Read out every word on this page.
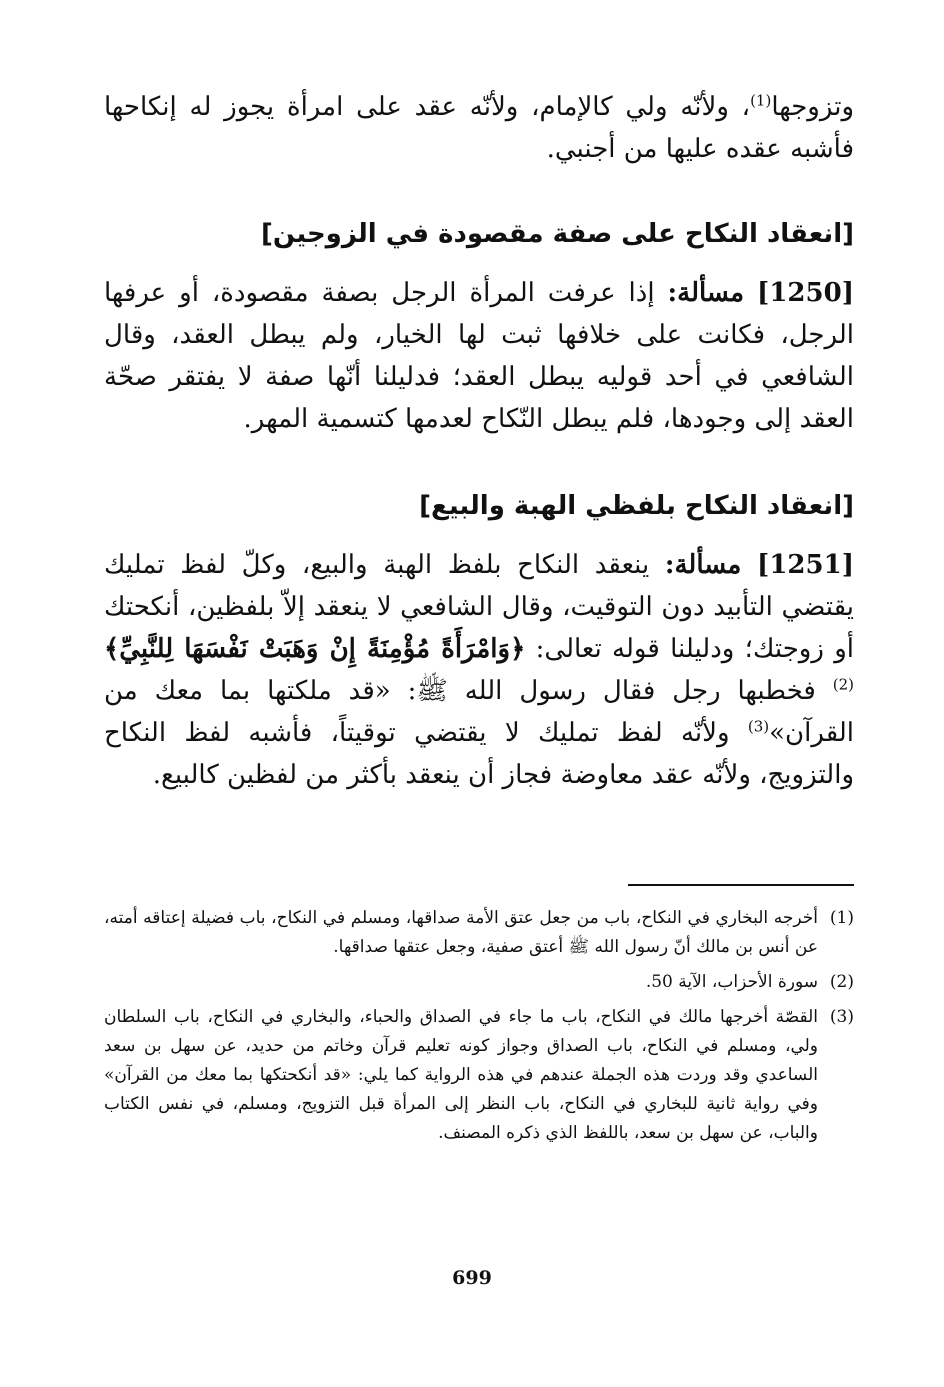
وتزوجها$^{(1)}$، ولأنّه ولي كالإمام، ولأنّه عقد على امرأة يجوز له إنكاحها فأشبه عقده عليها من أجنبي.

[انعقاد النكاح على صفة مقصودة في الزوجين]

[1250] مسألة: إذا عرفت المرأة الرجل بصفة مقصودة، أو عرفها الرجل، فكانت على خلافها ثبت لها الخيار، ولم يبطل العقد، وقال الشافعي في أحد قوليه يبطل العقد؛ فدليلنا أنّها صفة لا يفتقر صحّة العقد إلى وجودها، فلم يبطل النّكاح لعدمها كتسمية المهر.

[انعقاد النكاح بلفظي الهبة والبيع]

[1251] مسألة: ينعقد النكاح بلفظ الهبة والبيع، وكلّ لفظ تمليك يقتضي التأبيد دون التوقيت، وقال الشافعي لا ينعقد إلاّ بلفظين، أنكحتك أو زوجتك؛ ودليلنا قوله تعالى: ﴿وَامْرَأَةً مُؤْمِنَةً إِنْ وَهَبَتْ نَفْسَهَا لِلنَّبِيِّ﴾$^{(2)}$ فخطبها رجل فقال رسول الله ﷺ: «قد ملكتها بما معك من القرآن»$^{(3)}$ ولأنّه لفظ تمليك لا يقتضي توقيتاً، فأشبه لفظ النكاح والتزويج، ولأنّه عقد معاوضة فجاز أن ينعقد بأكثر من لفظين كالبيع.

(1)
أخرجه البخاري في النكاح، باب من جعل عتق الأمة صداقها، ومسلم في النكاح، باب فضيلة إعتاقه أمته، عن أنس بن مالك أنّ رسول الله ﷺ أعتق صفية، وجعل عتقها صداقها.
(2)
سورة الأحزاب، الآية 50.
(3)
القصّة أخرجها مالك في النكاح، باب ما جاء في الصداق والحباء، والبخاري في النكاح، باب السلطان ولي، ومسلم في النكاح، باب الصداق وجواز كونه تعليم قرآن وخاتم من حديد، عن سهل بن سعد الساعدي وقد وردت هذه الجملة عندهم في هذه الرواية كما يلي: «قد أنكحتكها بما معك من القرآن» وفي رواية ثانية للبخاري في النكاح، باب النظر إلى المرأة قبل التزويج، ومسلم، في نفس الكتاب والباب، عن سهل بن سعد، باللفظ الذي ذكره المصنف.
699
